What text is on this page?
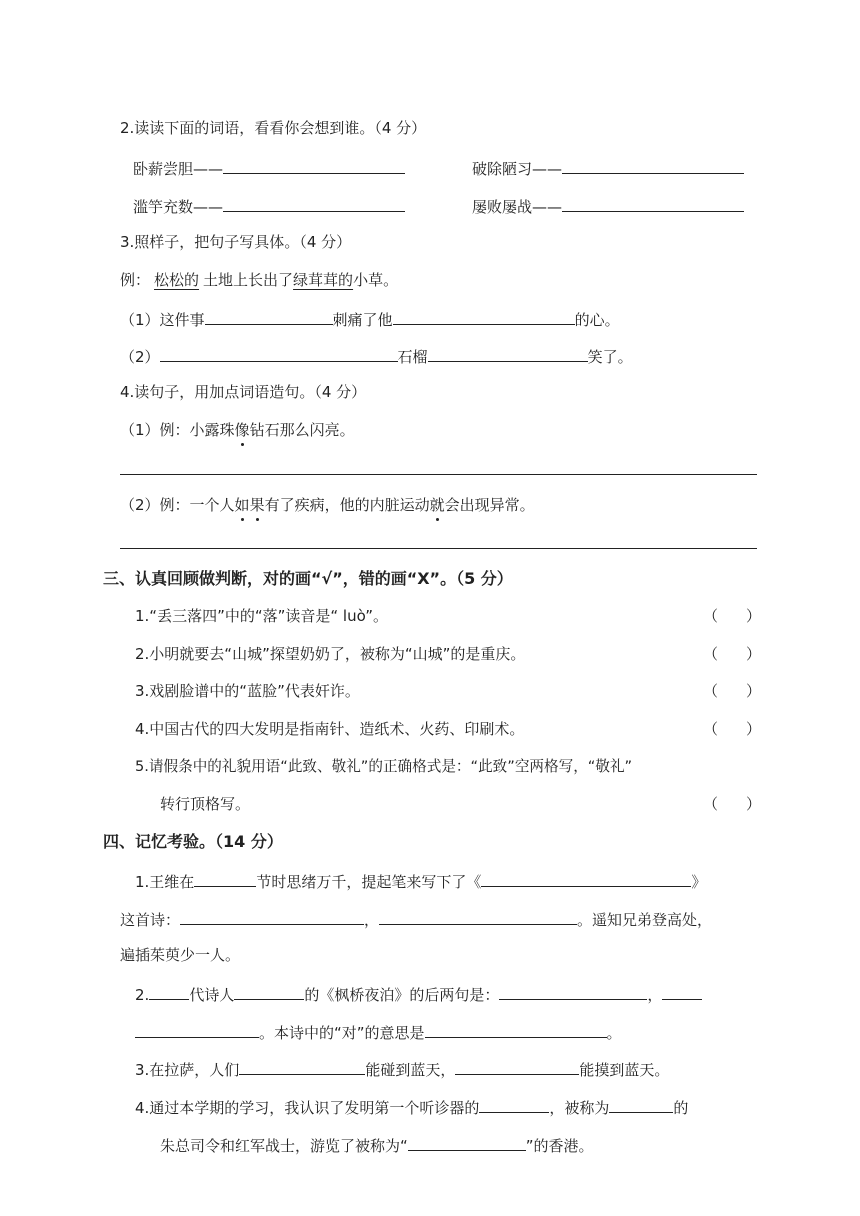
2.读读下面的词语，看看你会想到谁。（4 分）
卧薪尝胆——	破除陋习——
滥竽充数——	屡败屡战——
3.照样子，把句子写具体。（4 分）
例： 松松的 土地上长出了绿茸茸的小草。
（1）这件事	刺痛了他	的心。
（2）	石榴	笑了。
4.读句子，用加点词语造句。（4 分）
（1）例：小露珠像钻石那么闪亮。
（2）例：一个人如果有了疾病，他的内脏运动就会出现异常。
三、认真回顾做判断，对的画“√”，错的画“X”。（5 分）
1.“丢三落四”中的“落”读音是“ luò”。	（ ）
2.小明就要去“山城”探望奶奶了，被称为“山城”的是重庆。	（ ）
3.戏剧脸谱中的“蓝脸”代表奸诈。	（ ）
4.中国古代的四大发明是指南针、造纸术、火药、印刷术。	（ ）
5.请假条中的礼貌用语“此致、敬礼”的正确格式是：“此致”空两格写，“敬礼”
转行顶格写。	（ ）
四、记忆考验。（14 分）
1.王维在	节时思绪万千，提起笔来写下了《	》
这首诗：	，	。遥知兄弟登高处，
遍插茱萸少一人。
2.	代诗人	的《枫桥夜泊》的后两句是：	，
。本诗中的“对”的意思是	。
3.在拉萨，人们	能碰到蓝天，	能摸到蓝天。
4.通过本学期的学习，我认识了发明第一个听诊器的	，被称为	的
朱总司令和红军战士，游览了被称为“	”的香港。
